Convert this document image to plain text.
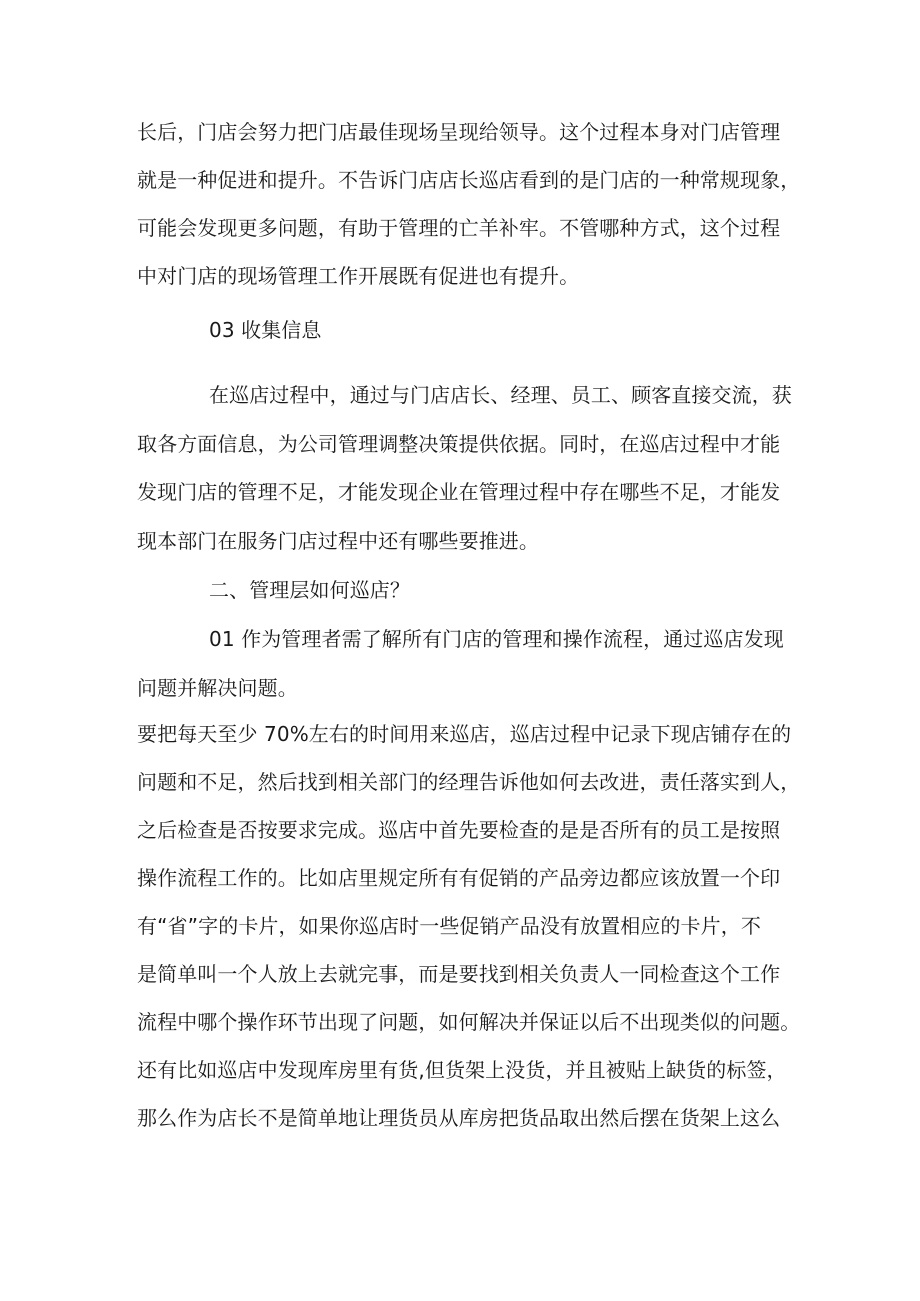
长后，门店会努力把门店最佳现场呈现给领导。这个过程本身对门店管理
就是一种促进和提升。不告诉门店店长巡店看到的是门店的一种常规现象，
可能会发现更多问题，有助于管理的亡羊补牢。不管哪种方式，这个过程
中对门店的现场管理工作开展既有促进也有提升。
03 收集信息
在巡店过程中，通过与门店店长、经理、员工、顾客直接交流，获
取各方面信息，为公司管理调整决策提供依据。同时，在巡店过程中才能
发现门店的管理不足，才能发现企业在管理过程中存在哪些不足，才能发
现本部门在服务门店过程中还有哪些要推进。
二、管理层如何巡店？
01 作为管理者需了解所有门店的管理和操作流程，通过巡店发现
问题并解决问题。
要把每天至少 70%左右的时间用来巡店，巡店过程中记录下现店铺存在的
问题和不足，然后找到相关部门的经理告诉他如何去改进，责任落实到人，
之后检查是否按要求完成。巡店中首先要检查的是是否所有的员工是按照
操作流程工作的。比如店里规定所有有促销的产品旁边都应该放置一个印
有“省”字的卡片，如果你巡店时一些促销产品没有放置相应的卡片，不
是简单叫一个人放上去就完事，而是要找到相关负责人一同检查这个工作
流程中哪个操作环节出现了问题，如何解决并保证以后不出现类似的问题。
还有比如巡店中发现库房里有货,但货架上没货，并且被贴上缺货的标签，
那么作为店长不是简单地让理货员从库房把货品取出然后摆在货架上这么
